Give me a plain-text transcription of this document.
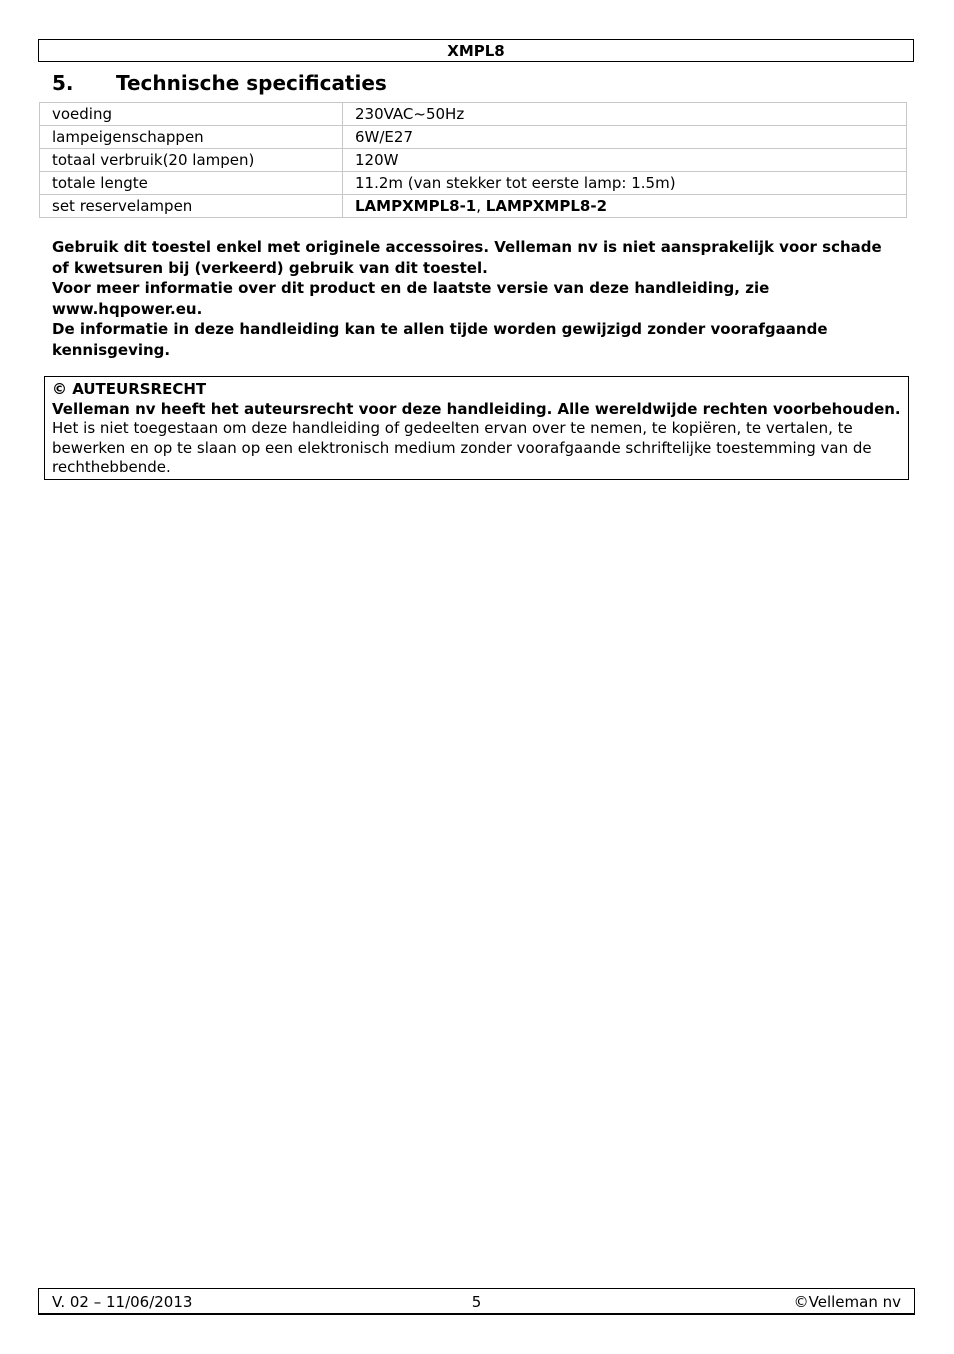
XMPL8
5. Technische specificaties
voeding	230VAC~50Hz
lampeigenschappen	6W/E27
totaal verbruik(20 lampen)	120W
totale lengte	11.2m (van stekker tot eerste lamp: 1.5m)
set reservelampen	LAMPXMPL8-1, LAMPXMPL8-2

Gebruik dit toestel enkel met originele accessoires. Velleman nv is niet aansprakelijk voor schade of kwetsuren bij (verkeerd) gebruik van dit toestel.

Voor meer informatie over dit product en de laatste versie van deze handleiding, zie www.hqpower.eu.

De informatie in deze handleiding kan te allen tijde worden gewijzigd zonder voorafgaande kennisgeving.

© AUTEURSRECHT
Velleman nv heeft het auteursrecht voor deze handleiding. Alle wereldwijde rechten voorbehouden. Het is niet toegestaan om deze handleiding of gedeelten ervan over te nemen, te kopiëren, te vertalen, te bewerken en op te slaan op een elektronisch medium zonder voorafgaande schriftelijke toestemming van de rechthebbende.
V. 02 – 11/06/2013	5	©Velleman nv
